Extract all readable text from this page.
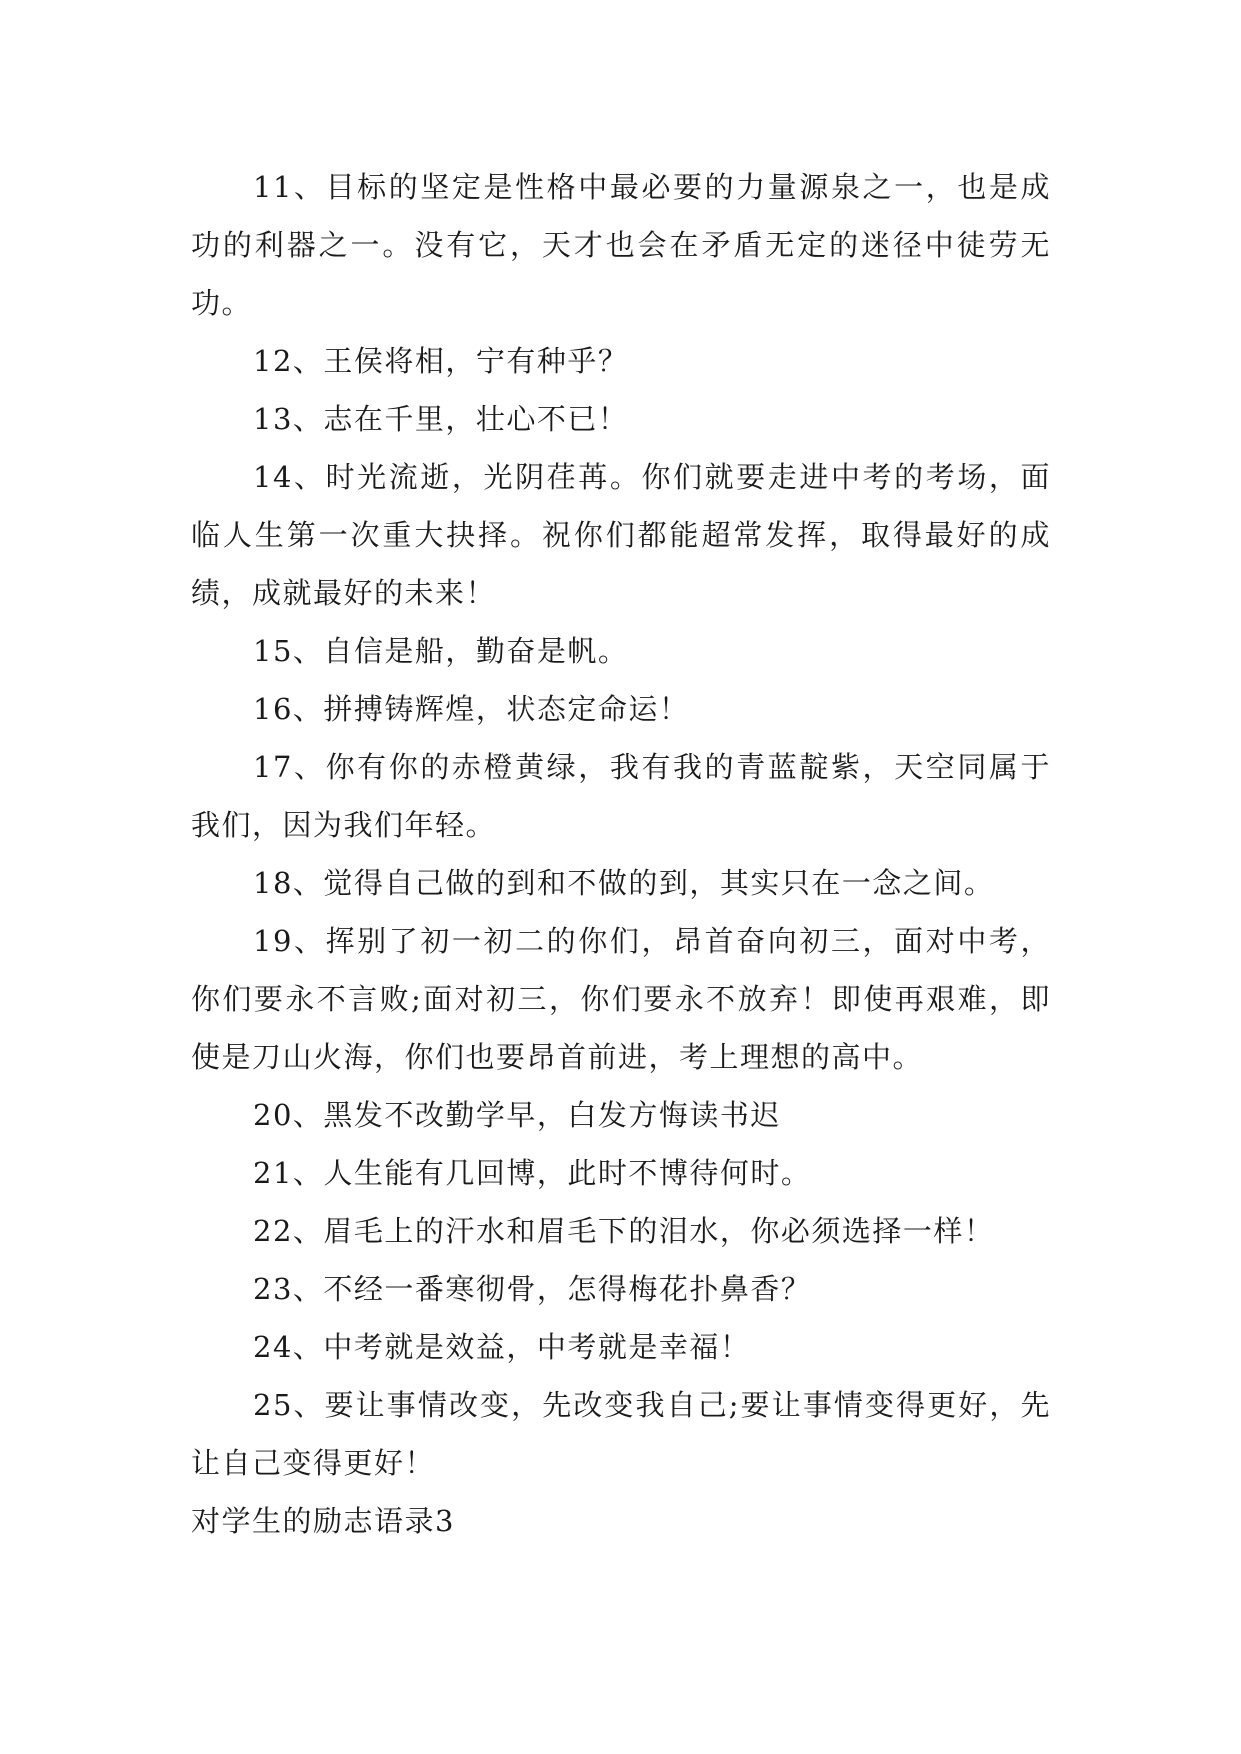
11、目标的坚定是性格中最必要的力量源泉之一，也是成功的利器之一。没有它，天才也会在矛盾无定的迷径中徒劳无功。

12、王侯将相，宁有种乎？

13、志在千里，壮心不已！

14、时光流逝，光阴荏苒。你们就要走进中考的考场，面临人生第一次重大抉择。祝你们都能超常发挥，取得最好的成绩，成就最好的未来！

15、自信是船，勤奋是帆。

16、拼搏铸辉煌，状态定命运！

17、你有你的赤橙黄绿，我有我的青蓝靛紫，天空同属于我们，因为我们年轻。

18、觉得自己做的到和不做的到，其实只在一念之间。

19、挥别了初一初二的你们，昂首奋向初三，面对中考，你们要永不言败;面对初三，你们要永不放弃！即使再艰难，即使是刀山火海，你们也要昂首前进，考上理想的高中。

20、黑发不改勤学早，白发方悔读书迟

21、人生能有几回博，此时不博待何时。

22、眉毛上的汗水和眉毛下的泪水，你必须选择一样！

23、不经一番寒彻骨，怎得梅花扑鼻香？

24、中考就是效益，中考就是幸福！

25、要让事情改变，先改变我自己;要让事情变得更好，先让自己变得更好！

对学生的励志语录3
